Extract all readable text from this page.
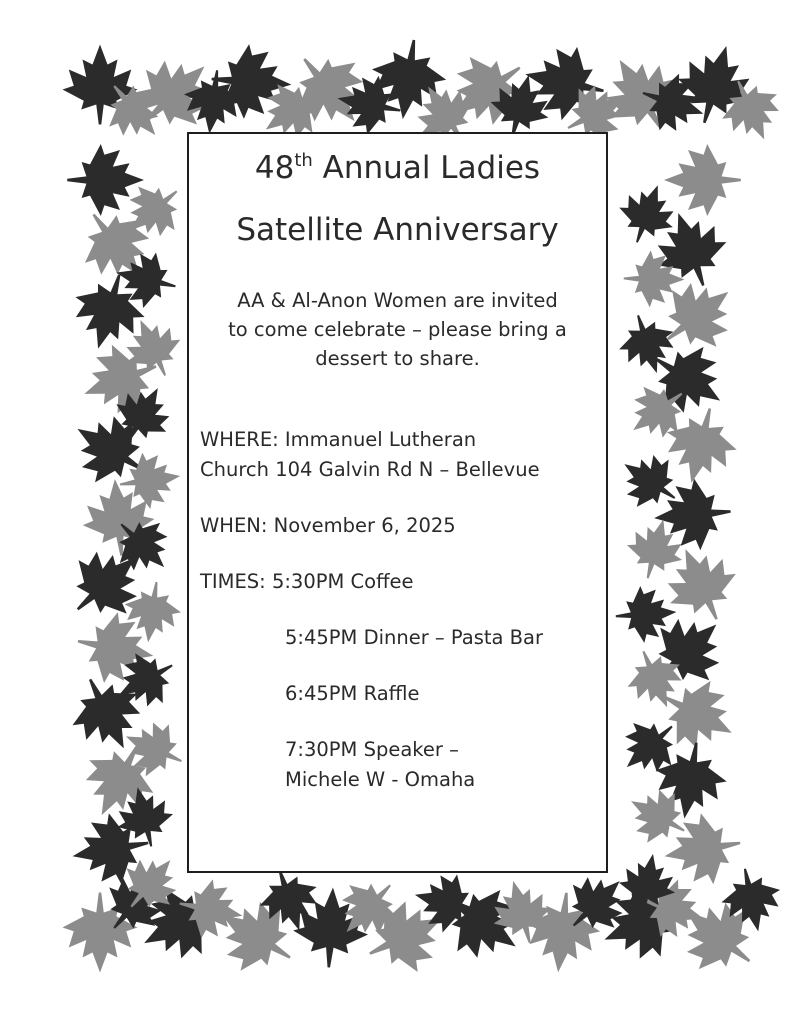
48th Annual Ladies
Satellite Anniversary
AA & Al-Anon Women are invited
to come celebrate – please bring a
dessert to share.
WHERE: Immanuel Lutheran
Church 104 Galvin Rd N – Bellevue
WHEN: November 6, 2025
TIMES: 5:30PM Coffee
5:45PM Dinner – Pasta Bar
6:45PM Raffle
7:30PM Speaker –
Michele W - Omaha
